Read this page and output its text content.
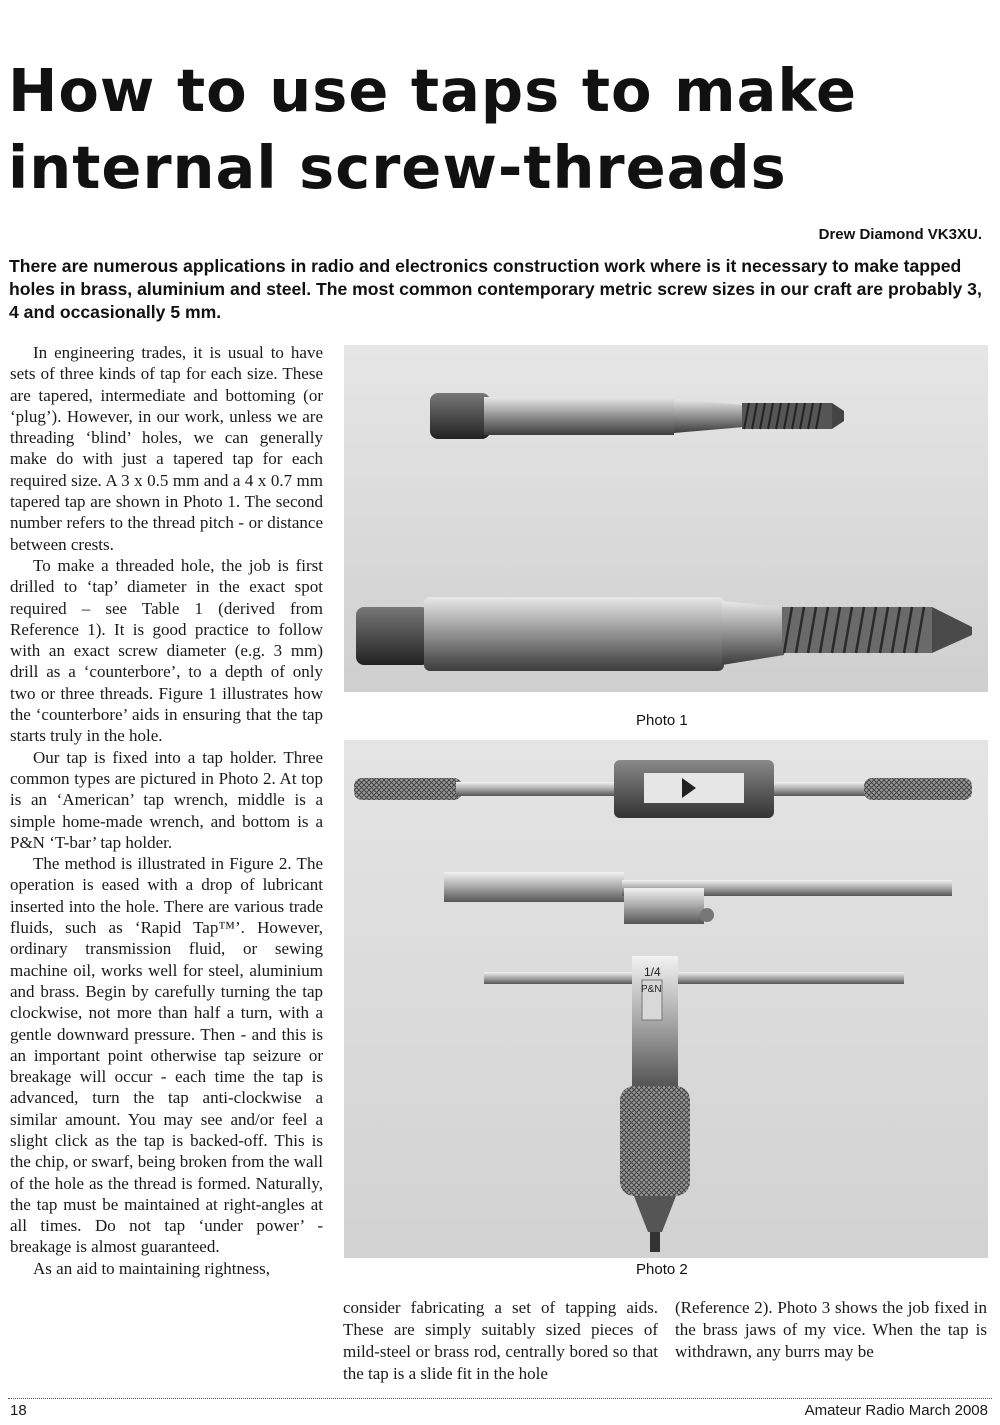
How to use taps to make
internal screw-threads
Drew Diamond VK3XU.

There are numerous applications in radio and electronics construction work where is it necessary to make tapped holes in brass, aluminium and steel. The most common contemporary metric screw sizes in our craft are probably 3, 4 and occasionally 5 mm.

In engineering trades, it is usual to have sets of three kinds of tap for each size. These are tapered, intermediate and bottoming (or ‘plug’). However, in our work, unless we are threading ‘blind’ holes, we can generally make do with just a tapered tap for each required size. A 3 x 0.5 mm and a 4 x 0.7 mm tapered tap are shown in Photo 1. The second number refers to the thread pitch - or distance between crests.

To make a threaded hole, the job is first drilled to ‘tap’ diameter in the exact spot required – see Table 1 (derived from Reference 1). It is good practice to follow with an exact screw diameter (e.g. 3 mm) drill as a ‘counterbore’, to a depth of only two or three threads. Figure 1 illustrates how the ‘counterbore’ aids in ensuring that the tap starts truly in the hole.

Our tap is fixed into a tap holder. Three common types are pictured in Photo 2. At top is an ‘American’ tap wrench, middle is a simple home-made wrench, and bottom is a P&N ‘T-bar’ tap holder.

The method is illustrated in Figure 2. The operation is eased with a drop of lubricant inserted into the hole. There are various trade fluids, such as ‘Rapid Tap™’. However, ordinary transmission fluid, or sewing machine oil, works well for steel, aluminium and brass. Begin by carefully turning the tap clockwise, not more than half a turn, with a gentle downward pressure. Then - and this is an important point otherwise tap seizure or breakage will occur - each time the tap is advanced, turn the tap anti-clockwise a similar amount. You may see and/or feel a slight click as the tap is backed-off. This is the chip, or swarf, being broken from the wall of the hole as the thread is formed. Naturally, the tap must be maintained at right-angles at all times. Do not tap ‘under power’ - breakage is almost guaranteed.

As an aid to maintaining rightness,

Photo 1
1/4
P&N
Photo 2

consider fabricating a set of tapping aids. These are simply suitably sized pieces of mild-steel or brass rod, centrally bored so that the tap is a slide fit in the hole

(Reference 2). Photo 3 shows the job fixed in the brass jaws of my vice. When the tap is withdrawn, any burrs may be

18	Amateur Radio March 2008
